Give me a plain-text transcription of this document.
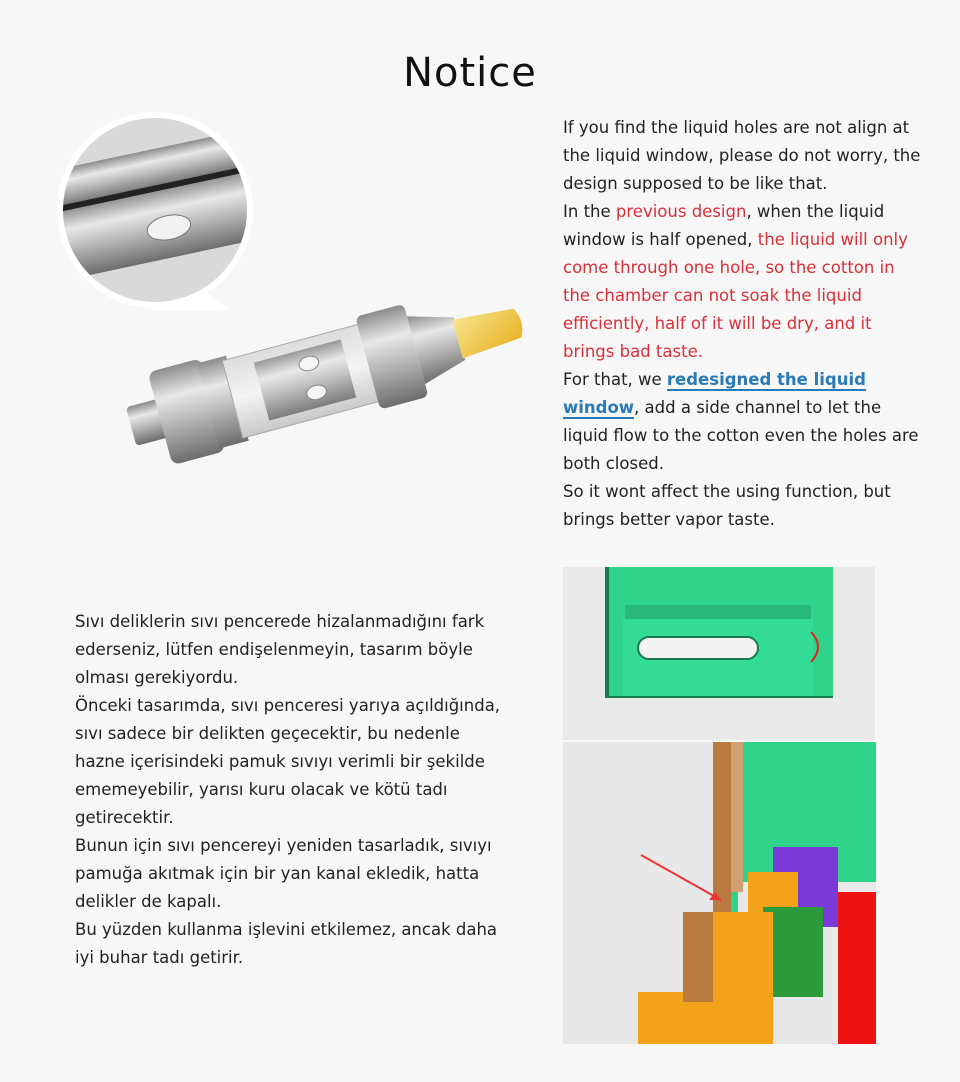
Notice

If you find the liquid holes are not align at the liquid window, please do not worry, the design supposed to be like that.

In the previous design, when the liquid window is half opened, the liquid will only come through one hole, so the cotton in the chamber can not soak the liquid efficiently, half of it will be dry, and it brings bad taste.

For that, we redesigned the liquid window, add a side channel to let the liquid flow to the cotton even the holes are both closed.

So it wont affect the using function, but brings better vapor taste.

Sıvı deliklerin sıvı pencerede hizalanmadığını fark ederseniz, lütfen endişelenmeyin, tasarım böyle olması gerekiyordu.

Önceki tasarımda, sıvı penceresi yarıya açıldığında, sıvı sadece bir delikten geçecektir, bu nedenle hazne içerisindeki pamuk sıvıyı verimli bir şekilde ememeyebilir, yarısı kuru olacak ve kötü tadı getirecektir.

Bunun için sıvı pencereyi yeniden tasarladık, sıvıyı pamuğa akıtmak için bir yan kanal ekledik, hatta delikler de kapalı.

Bu yüzden kullanma işlevini etkilemez, ancak daha iyi buhar tadı getirir.
